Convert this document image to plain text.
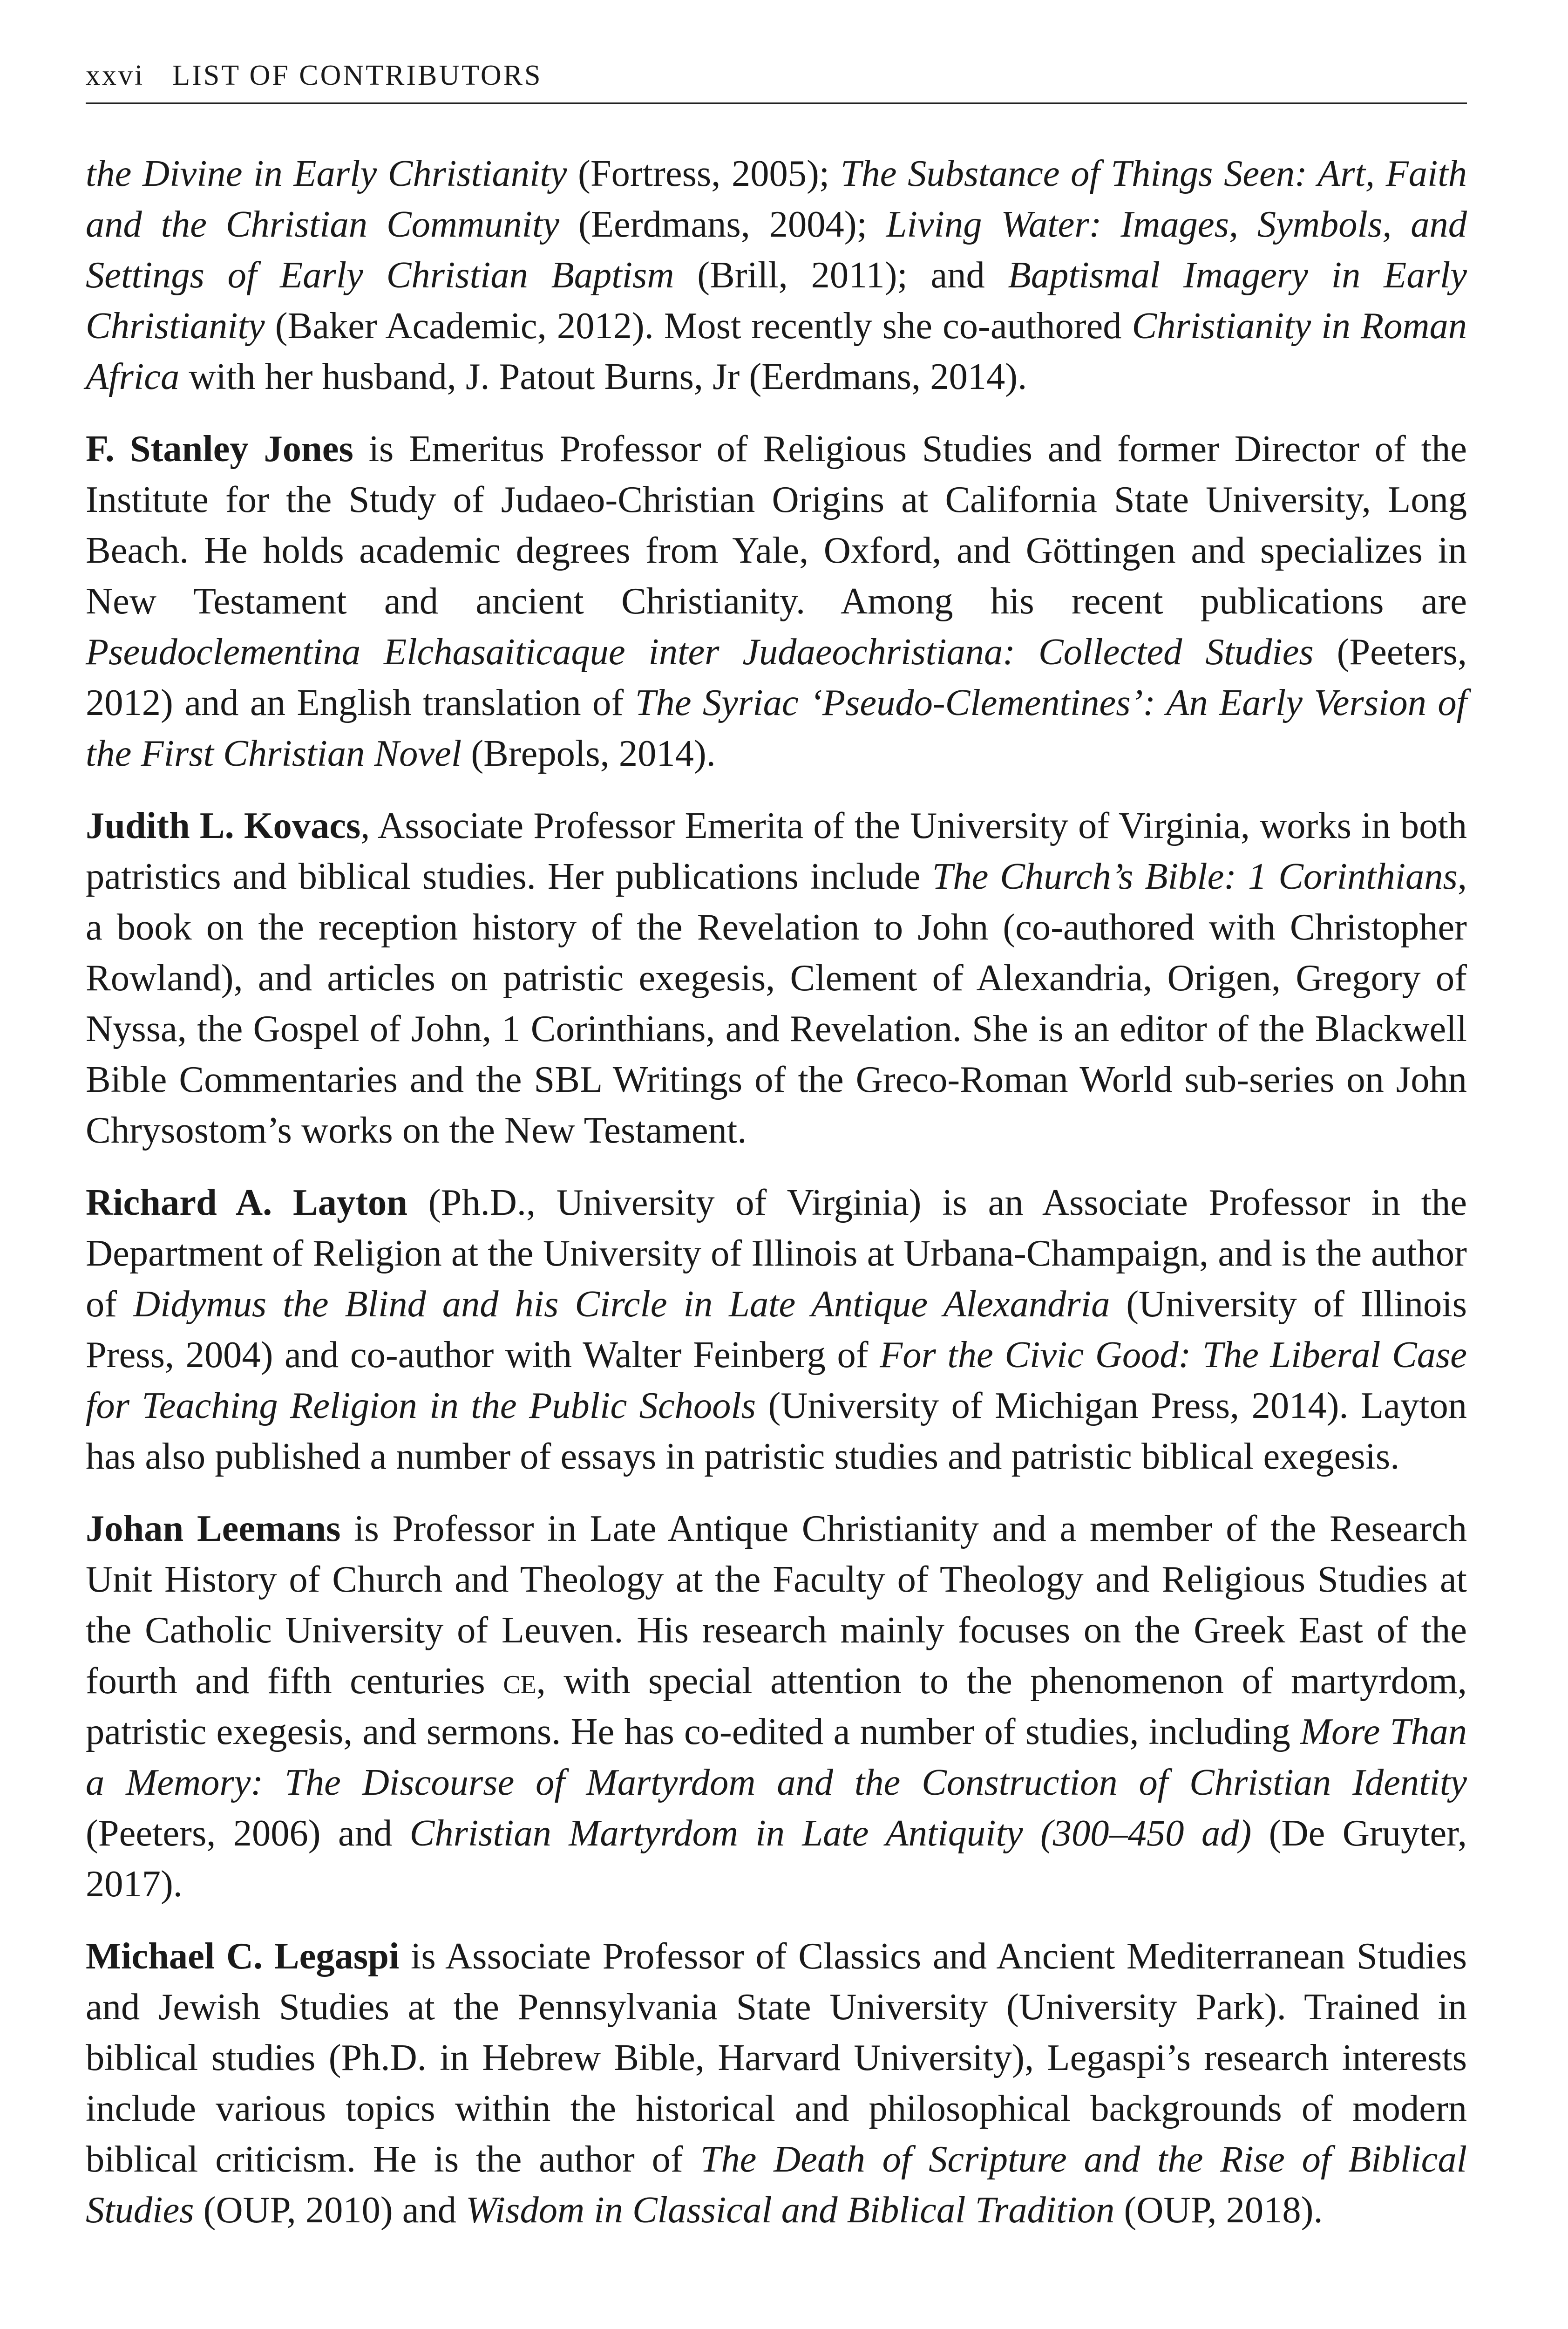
xxvi LIST OF CONTRIBUTORS

the Divine in Early Christianity (Fortress, 2005); The Substance of Things Seen: Art, Faith and the Christian Community (Eerdmans, 2004); Living Water: Images, Symbols, and Settings of Early Christian Baptism (Brill, 2011); and Baptismal Imagery in Early Christianity (Baker Academic, 2012). Most recently she co-authored Christianity in Roman Africa with her husband, J. Patout Burns, Jr (Eerdmans, 2014).

F. Stanley Jones is Emeritus Professor of Religious Studies and former Director of the Institute for the Study of Judaeo-Christian Origins at California State University, Long Beach. He holds academic degrees from Yale, Oxford, and Göttingen and specializes in New Testament and ancient Christianity. Among his recent publications are Pseudoclementina Elchasaiticaque inter Judaeochristiana: Collected Studies (Peeters, 2012) and an English translation of The Syriac ‘Pseudo-Clementines’: An Early Version of the First Christian Novel (Brepols, 2014).

Judith L. Kovacs, Associate Professor Emerita of the University of Virginia, works in both patristics and biblical studies. Her publications include The Church’s Bible: 1 Corinthians, a book on the reception history of the Revelation to John (co-authored with Christopher Rowland), and articles on patristic exegesis, Clement of Alexandria, Origen, Gregory of Nyssa, the Gospel of John, 1 Corinthians, and Revelation. She is an editor of the Blackwell Bible Commentaries and the SBL Writings of the Greco-Roman World sub-series on John Chrysostom’s works on the New Testament.

Richard A. Layton (Ph.D., University of Virginia) is an Associate Professor in the Department of Religion at the University of Illinois at Urbana-Champaign, and is the author of Didymus the Blind and his Circle in Late Antique Alexandria (University of Illinois Press, 2004) and co-author with Walter Feinberg of For the Civic Good: The Liberal Case for Teaching Religion in the Public Schools (University of Michigan Press, 2014). Layton has also published a number of essays in patristic studies and patristic biblical exegesis.

Johan Leemans is Professor in Late Antique Christianity and a member of the Research Unit History of Church and Theology at the Faculty of Theology and Religious Studies at the Catholic University of Leuven. His research mainly focuses on the Greek East of the fourth and fifth centuries ce, with special attention to the phenomenon of martyrdom, patristic exegesis, and sermons. He has co-edited a number of studies, including More Than a Memory: The Discourse of Martyrdom and the Construction of Christian Identity (Peeters, 2006) and Christian Martyrdom in Late Antiquity (300–450 ad) (De Gruyter, 2017).

Michael C. Legaspi is Associate Professor of Classics and Ancient Mediterranean Studies and Jewish Studies at the Pennsylvania State University (University Park). Trained in biblical studies (Ph.D. in Hebrew Bible, Harvard University), Legaspi’s research interests include various topics within the historical and philosophical backgrounds of modern biblical criticism. He is the author of The Death of Scripture and the Rise of Biblical Studies (OUP, 2010) and Wisdom in Classical and Biblical Tradition (OUP, 2018).
